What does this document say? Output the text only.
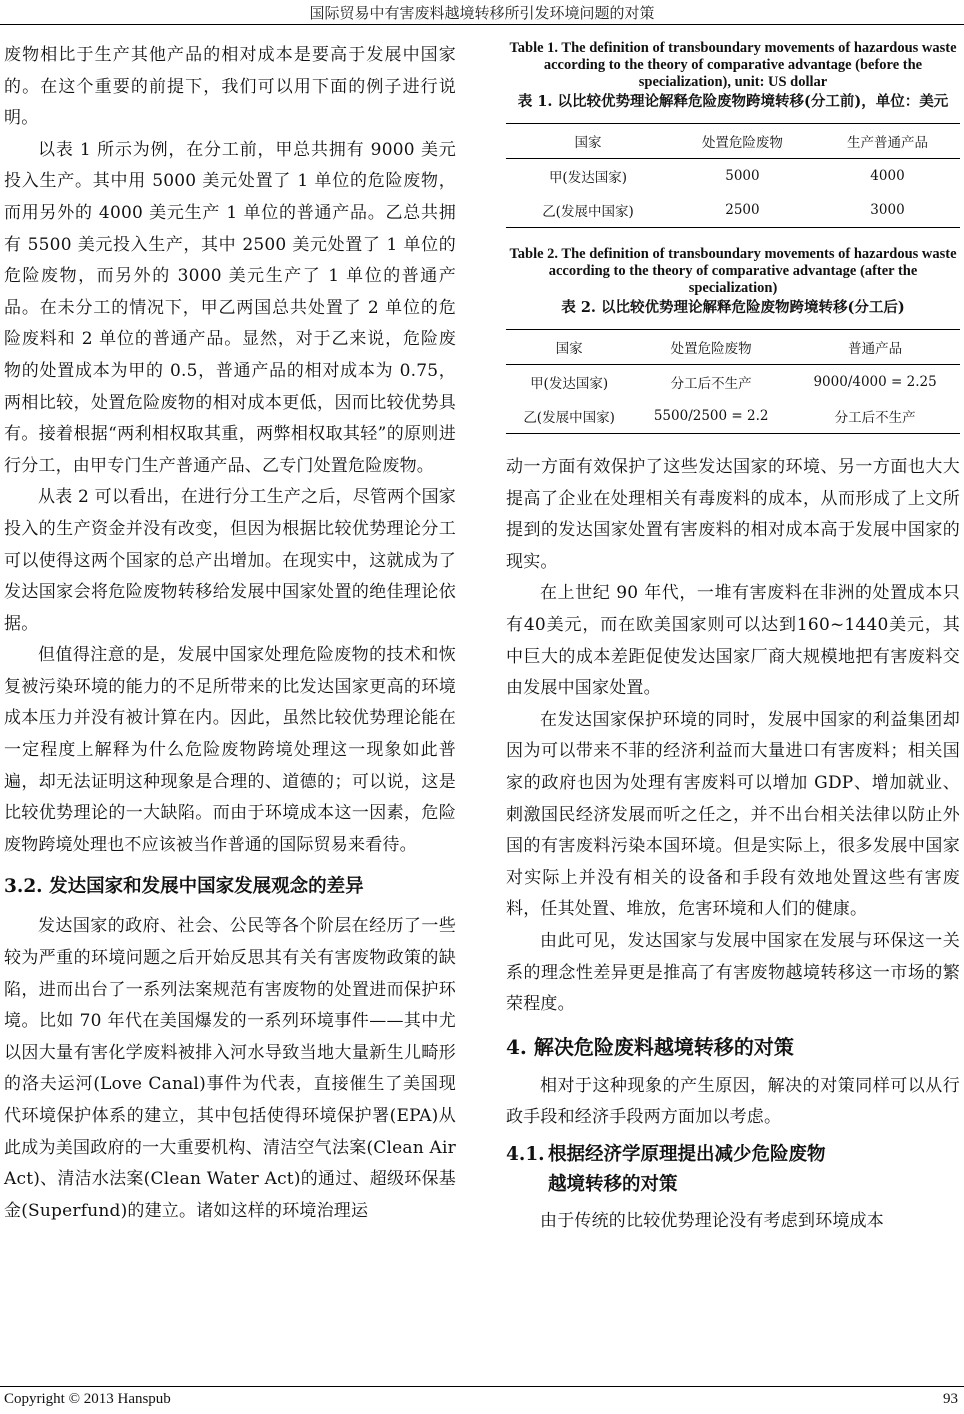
国际贸易中有害废料越境转移所引发环境问题的对策

废物相比于生产其他产品的相对成本是要高于发展中国家的。在这个重要的前提下，我们可以用下面的例子进行说明。

以表 1 所示为例，在分工前，甲总共拥有 9000 美元投入生产。其中用 5000 美元处置了 1 单位的危险废物，而用另外的 4000 美元生产 1 单位的普通产品。乙总共拥有 5500 美元投入生产，其中 2500 美元处置了 1 单位的危险废物，而另外的 3000 美元生产了 1 单位的普通产品。在未分工的情况下，甲乙两国总共处置了 2 单位的危险废料和 2 单位的普通产品。显然，对于乙来说，危险废物的处置成本为甲的 0.5，普通产品的相对成本为 0.75，两相比较，处置危险废物的相对成本更低，因而比较优势具有。接着根据“两利相权取其重，两弊相权取其轻”的原则进行分工，由甲专门生产普通产品、乙专门处置危险废物。

从表 2 可以看出，在进行分工生产之后，尽管两个国家投入的生产资金并没有改变，但因为根据比较优势理论分工可以使得这两个国家的总产出增加。在现实中，这就成为了发达国家会将危险废物转移给发展中国家处置的绝佳理论依据。

但值得注意的是，发展中国家处理危险废物的技术和恢复被污染环境的能力的不足所带来的比发达国家更高的环境成本压力并没有被计算在内。因此，虽然比较优势理论能在一定程度上解释为什么危险废物跨境处理这一现象如此普遍，却无法证明这种现象是合理的、道德的；可以说，这是比较优势理论的一大缺陷。而由于环境成本这一因素，危险废物跨境处理也不应该被当作普通的国际贸易来看待。

3.2. 发达国家和发展中国家发展观念的差异

发达国家的政府、社会、公民等各个阶层在经历了一些较为严重的环境问题之后开始反思其有关有害废物政策的缺陷，进而出台了一系列法案规范有害废物的处置进而保护环境。比如 70 年代在美国爆发的一系列环境事件——其中尤以因大量有害化学废料被排入河水导致当地大量新生儿畸形的洛夫运河(Love Canal)事件为代表，直接催生了美国现代环境保护体系的建立，其中包括使得环境保护署(EPA)从此成为美国政府的一大重要机构、清洁空气法案(Clean Air Act)、清洁水法案(Clean Water Act)的通过、超级环保基金(Superfund)的建立。诸如这样的环境治理运

Table 1. The definition of transboundary movements of hazardous waste according to the theory of comparative advantage (before the specialization), unit: US dollar

表 1. 以比较优势理论解释危险废物跨境转移(分工前)，单位：美元

国家	处置危险废物	生产普通产品
甲(发达国家)	5000	4000
乙(发展中国家)	2500	3000

Table 2. The definition of transboundary movements of hazardous waste according to the theory of comparative advantage (after the specialization)

表 2. 以比较优势理论解释危险废物跨境转移(分工后)

国家	处置危险废物	普通产品
甲(发达国家)	分工后不生产	9000/4000 = 2.25
乙(发展中国家)	5500/2500 = 2.2	分工后不生产

动一方面有效保护了这些发达国家的环境、另一方面也大大提高了企业在处理相关有毒废料的成本，从而形成了上文所提到的发达国家处置有害废料的相对成本高于发展中国家的现实。

在上世纪 90 年代，一堆有害废料在非洲的处置成本只有40美元，而在欧美国家则可以达到160~1440美元，其中巨大的成本差距促使发达国家厂商大规模地把有害废料交由发展中国家处置。

在发达国家保护环境的同时，发展中国家的利益集团却因为可以带来不菲的经济利益而大量进口有害废料；相关国家的政府也因为处理有害废料可以增加 GDP、增加就业、刺激国民经济发展而听之任之，并不出台相关法律以防止外国的有害废料污染本国环境。但是实际上，很多发展中国家对实际上并没有相关的设备和手段有效地处置这些有害废料，任其处置、堆放，危害环境和人们的健康。

由此可见，发达国家与发展中国家在发展与环保这一关系的理念性差异更是推高了有害废物越境转移这一市场的繁荣程度。

4. 解决危险废料越境转移的对策

相对于这种现象的产生原因，解决的对策同样可以从行政手段和经济手段两方面加以考虑。

4.1. 根据经济学原理提出减少危险废物
越境转移的对策

由于传统的比较优势理论没有考虑到环境成本

Copyright © 2013 Hanspub	93
